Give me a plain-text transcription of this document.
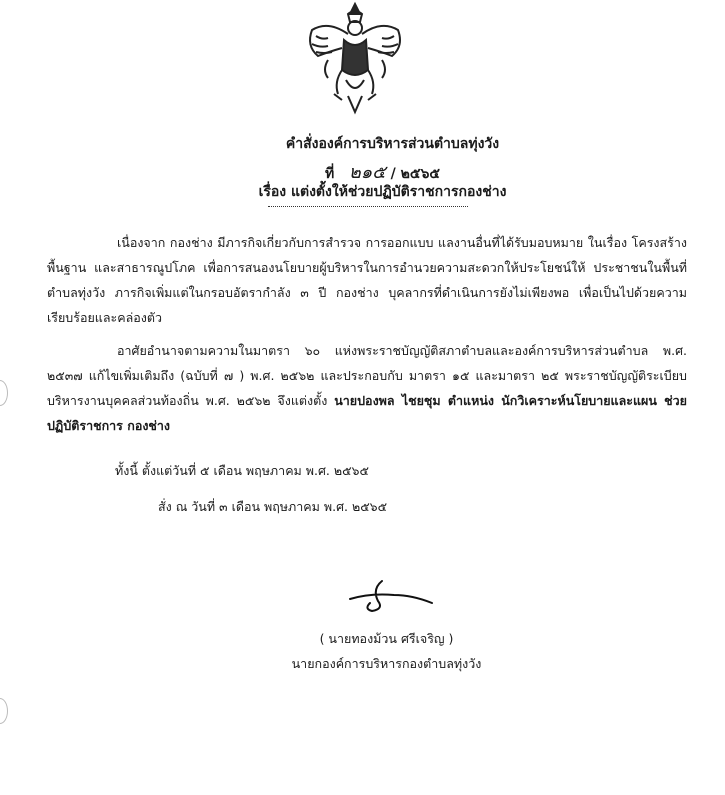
คำสั่งองค์การบริหารส่วนตำบลทุ่งวัง
ที่ ๒๑๕ / ๒๕๖๕
เรื่อง แต่งตั้งให้ช่วยปฏิบัติราชการกองช่าง
เนื่องจาก กองช่าง มีภารกิจเกี่ยวกับการสำรวจ การออกแบบ แลงานอื่นที่ได้รับมอบหมาย ในเรื่อง โครงสร้างพื้นฐาน และสาธารณูปโภค เพื่อการสนองนโยบายผู้บริหารในการอำนวยความสะดวกให้ประโยชน์ให้ ประชาชนในพื้นที่ตำบลทุ่งวัง ภารกิจเพิ่มแต่ในกรอบอัตรากำลัง ๓ ปี กองช่าง บุคลากรที่ดำเนินการยังไม่เพียงพอ เพื่อเป็นไปด้วยความเรียบร้อยและคล่องตัว
อาศัยอำนาจตามความในมาตรา ๖๐ แห่งพระราชบัญญัติสภาตำบลและองค์การบริหารส่วนตำบล พ.ศ. ๒๕๓๗ แก้ไขเพิ่มเติมถึง (ฉบับที่ ๗ ) พ.ศ. ๒๕๖๒ และประกอบกับ มาตรา ๑๕ และมาตรา ๒๕ พระราชบัญญัติระเบียบบริหารงานบุคคลส่วนท้องถิ่น พ.ศ. ๒๕๖๒ จึงแต่งตั้ง นายปองพล ไชยชุม ตำแหน่ง นักวิเคราะห์นโยบายและแผน ช่วยปฏิบัติราชการ กองช่าง
ทั้งนี้ ตั้งแต่วันที่ ๕ เดือน พฤษภาคม พ.ศ. ๒๕๖๕
สั่ง ณ วันที่ ๓ เดือน พฤษภาคม พ.ศ. ๒๕๖๕
( นายทองม้วน ศรีเจริญ )
นายกองค์การบริหารกองตำบลทุ่งวัง
